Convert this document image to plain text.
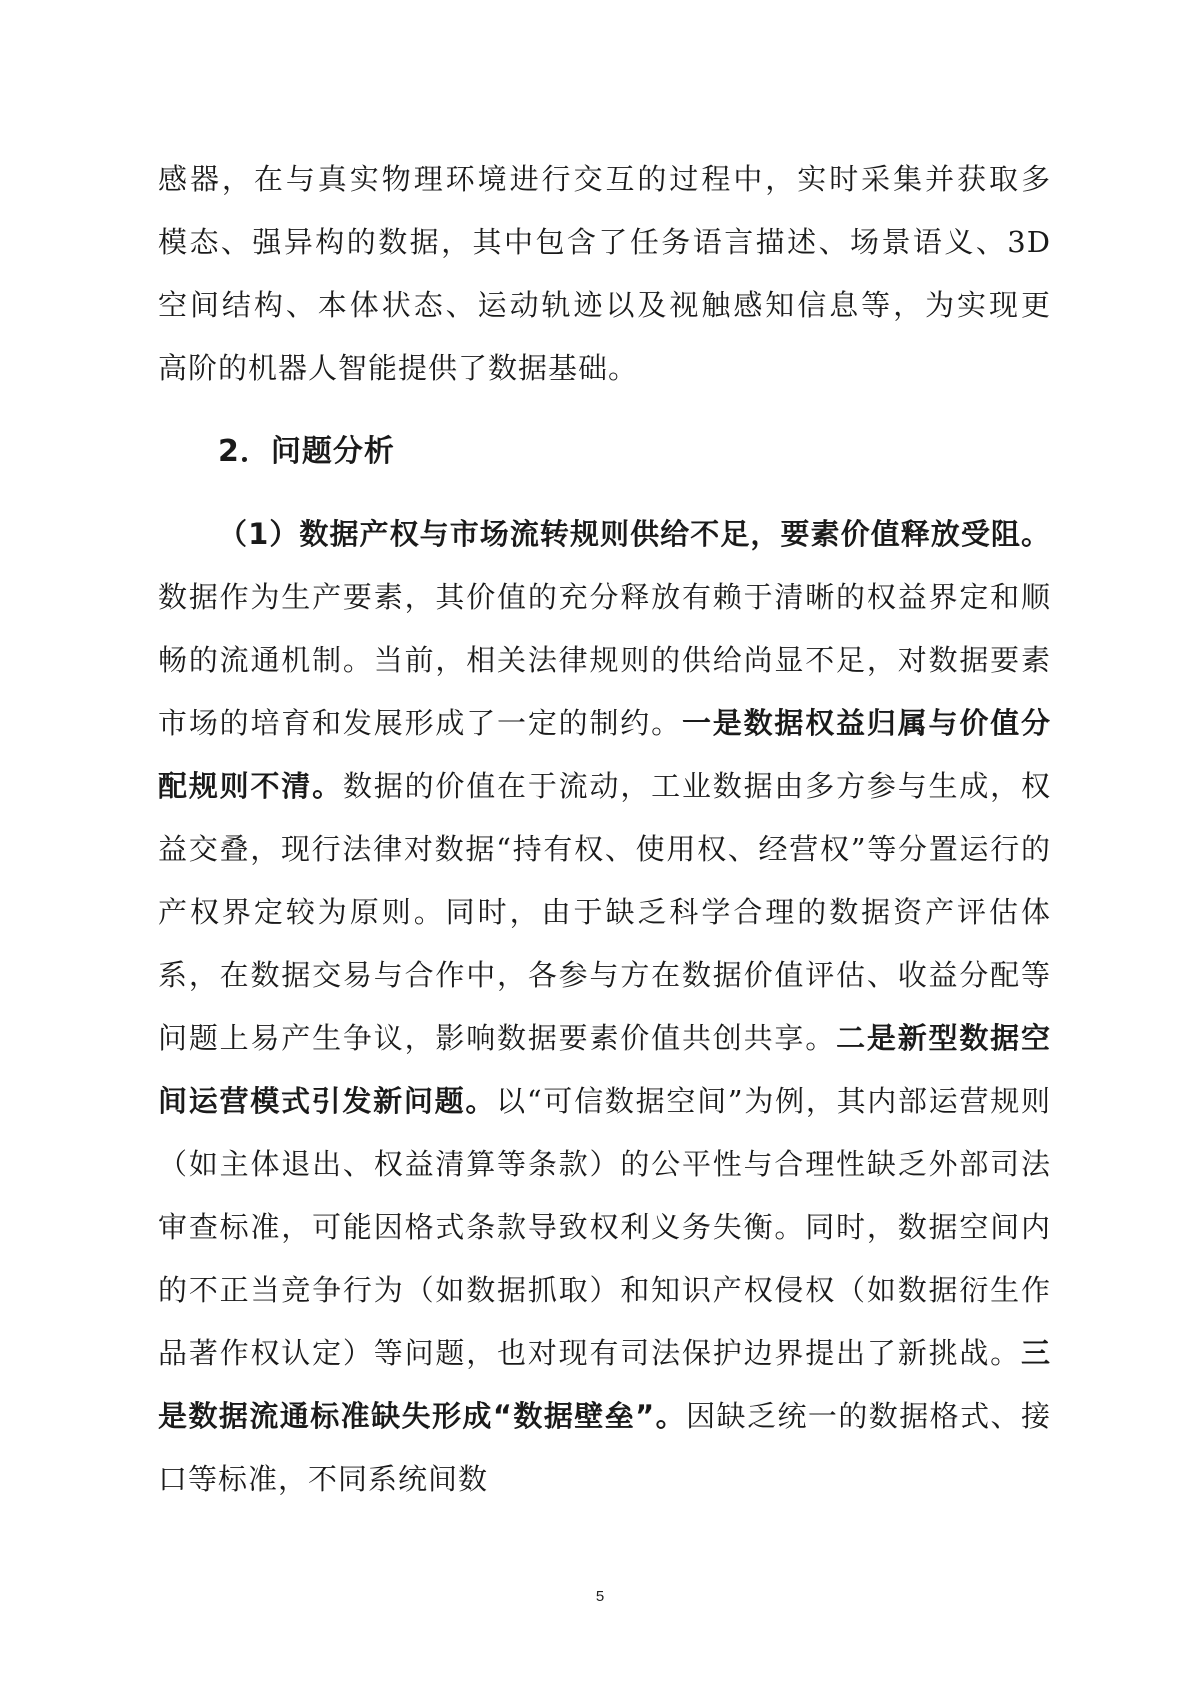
感器，在与真实物理环境进行交互的过程中，实时采集并获取多

模态、强异构的数据，其中包含了任务语言描述、场景语义、3D

空间结构、本体状态、运动轨迹以及视触感知信息等，为实现更

高阶的机器人智能提供了数据基础。

2．问题分析

（1）数据产权与市场流转规则供给不足，要素价值释放受阻。数据作为生产要素，其价值的充分释放有赖于清晰的权益界定和顺畅的流通机制。当前，相关法律规则的供给尚显不足，对数据要素市场的培育和发展形成了一定的制约。一是数据权益归属与价值分配规则不清。数据的价值在于流动，工业数据由多方参与生成，权益交叠，现行法律对数据“持有权、使用权、经营权”等分置运行的产权界定较为原则。同时，由于缺乏科学合理的数据资产评估体系，在数据交易与合作中，各参与方在数据价值评估、收益分配等问题上易产生争议，影响数据要素价值共创共享。二是新型数据空间运营模式引发新问题。以“可信数据空间”为例，其内部运营规则（如主体退出、权益清算等条款）的公平性与合理性缺乏外部司法审查标准，可能因格式条款导致权利义务失衡。同时，数据空间内的不正当竞争行为（如数据抓取）和知识产权侵权（如数据衍生作品著作权认定）等问题，也对现有司法保护边界提出了新挑战。三是数据流通标准缺失形成“数据壁垒”。因缺乏统一的数据格式、接口等标准，不同系统间数

5
